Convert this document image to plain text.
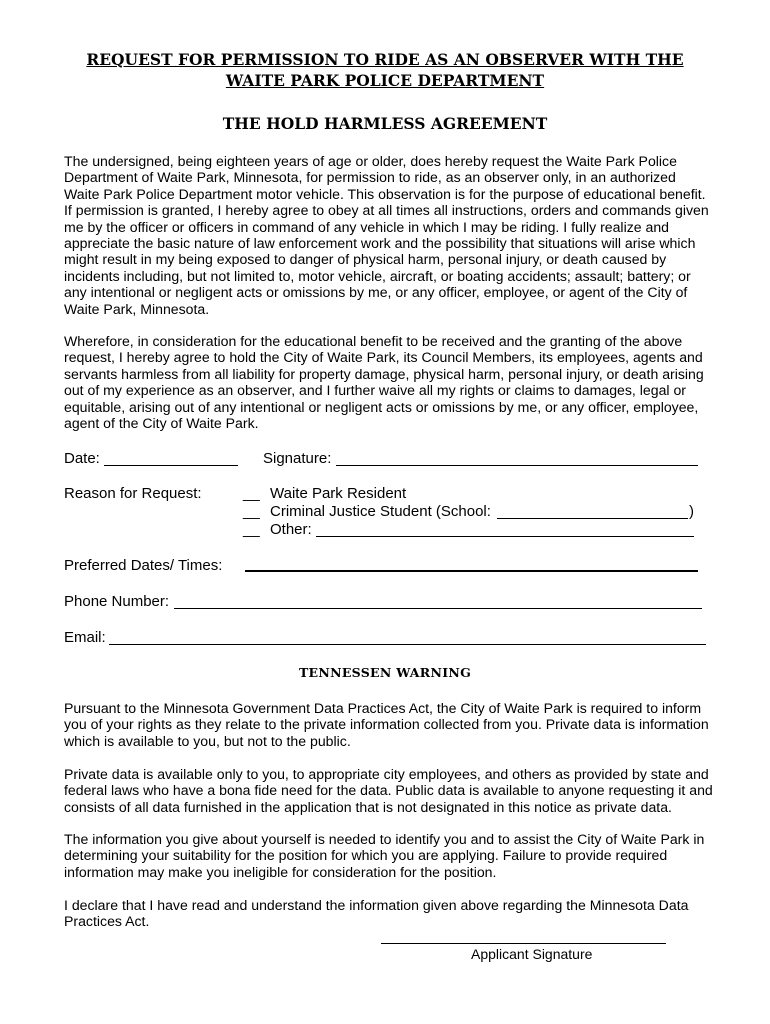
REQUEST FOR PERMISSION TO RIDE AS AN OBSERVER WITH THE
WAITE PARK POLICE DEPARTMENT
THE HOLD HARMLESS AGREEMENT

The undersigned, being eighteen years of age or older, does hereby request the Waite Park Police Department of Waite Park, Minnesota, for permission to ride, as an observer only, in an authorized Waite Park Police Department motor vehicle. This observation is for the purpose of educational benefit. If permission is granted, I hereby agree to obey at all times all instructions, orders and commands given me by the officer or officers in command of any vehicle in which I may be riding. I fully realize and appreciate the basic nature of law enforcement work and the possibility that situations will arise which might result in my being exposed to danger of physical harm, personal injury, or death caused by incidents including, but not limited to, motor vehicle, aircraft, or boating accidents; assault; battery; or any intentional or negligent acts or omissions by me, or any officer, employee, or agent of the City of Waite Park, Minnesota.

Wherefore, in consideration for the educational benefit to be received and the granting of the above request, I hereby agree to hold the City of Waite Park, its Council Members, its employees, agents and servants harmless from all liability for property damage, physical harm, personal injury, or death arising out of my experience as an observer, and I further waive all my rights or claims to damages, legal or equitable, arising out of any intentional or negligent acts or omissions by me, or any officer, employee, agent of the City of Waite Park.

Date:	Signature:
Reason for Request:	__ Waite Park Resident
__ Criminal Justice Student (School:	)
__ Other:
Preferred Dates/ Times:
Phone Number:
Email:
TENNESSEN WARNING

Pursuant to the Minnesota Government Data Practices Act, the City of Waite Park is required to inform you of your rights as they relate to the private information collected from you. Private data is information which is available to you, but not to the public.

Private data is available only to you, to appropriate city employees, and others as provided by state and federal laws who have a bona fide need for the data. Public data is available to anyone requesting it and consists of all data furnished in the application that is not designated in this notice as private data.

The information you give about yourself is needed to identify you and to assist the City of Waite Park in determining your suitability for the position for which you are applying. Failure to provide required information may make you ineligible for consideration for the position.

I declare that I have read and understand the information given above regarding the Minnesota Data Practices Act.

Applicant Signature
